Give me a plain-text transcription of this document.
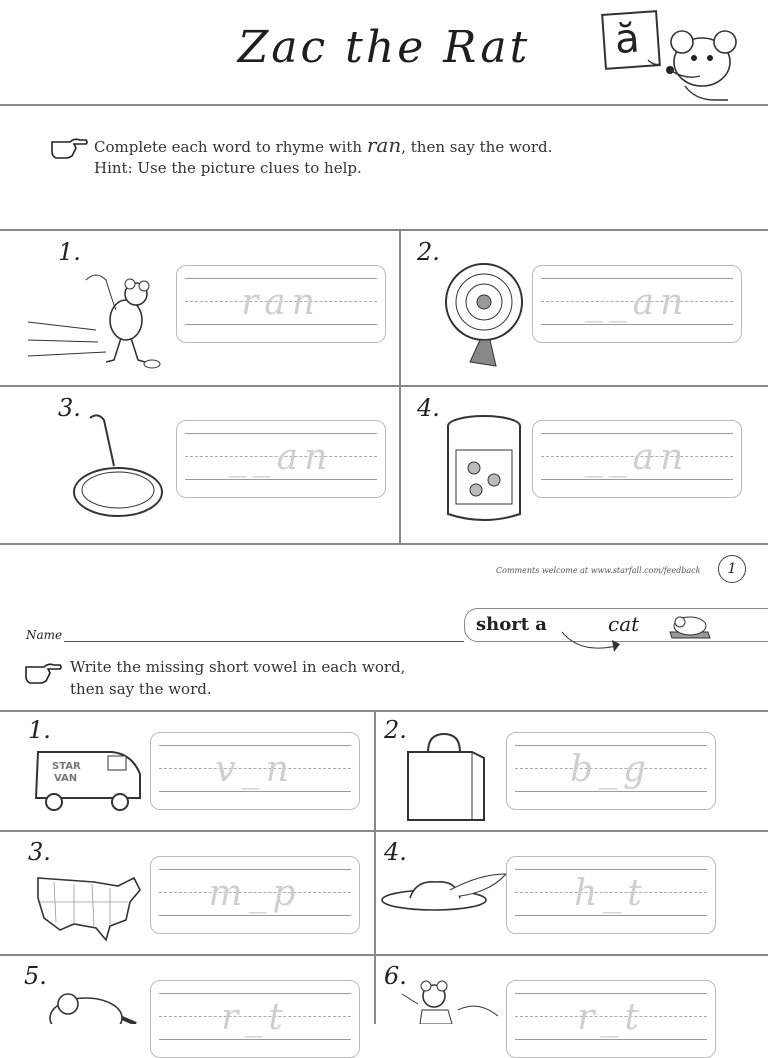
Zac the Rat	ă
Complete each word to rhyme with ran, then say the word.
Hint: Use the picture clues to help.
1.
ran
2.
__an
3.
__an
4.
__an
Comments welcome at www.starfall.com/feedback	1
Name	short a	cat
Write the missing short vowel in each word,
then say the word.
1.
STAR
VAN	v_n
2.
b_g
3.
m_p
4.
h_t
5.
r_t
6.
r_t
